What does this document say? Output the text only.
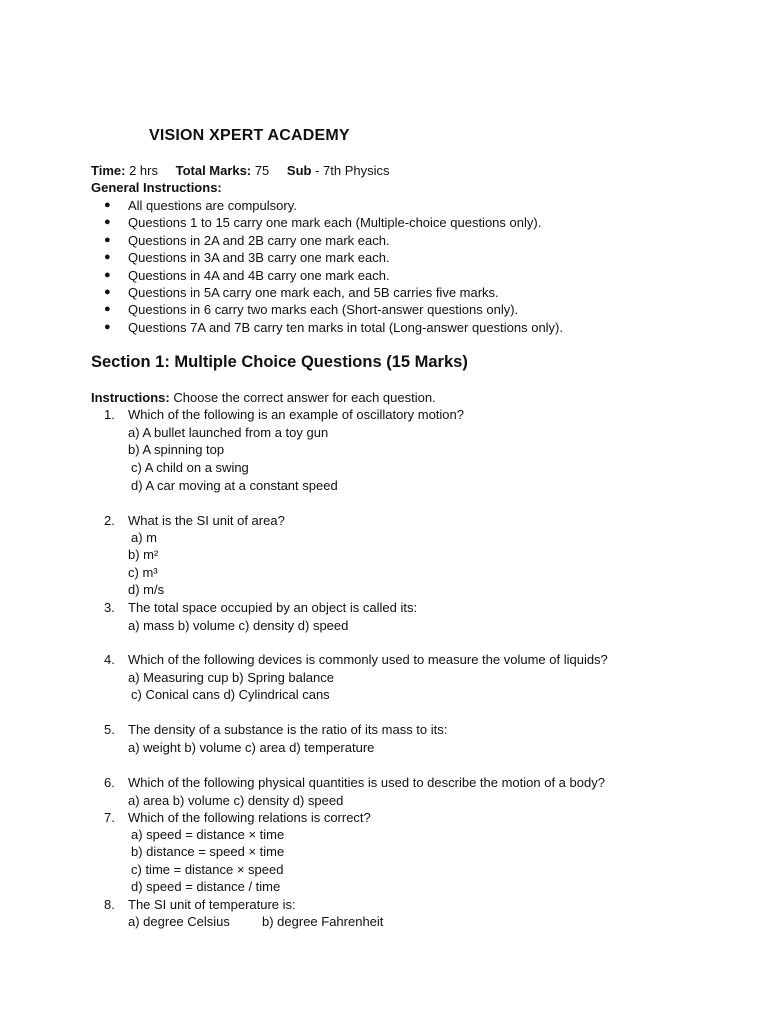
VISION XPERT ACADEMY
Time: 2 hrs Total Marks: 75 Sub - 7th Physics
General Instructions:
● All questions are compulsory.
● Questions 1 to 15 carry one mark each (Multiple-choice questions only).
● Questions in 2A and 2B carry one mark each.
● Questions in 3A and 3B carry one mark each.
● Questions in 4A and 4B carry one mark each.
● Questions in 5A carry one mark each, and 5B carries five marks.
● Questions in 6 carry two marks each (Short-answer questions only).
● Questions 7A and 7B carry ten marks in total (Long-answer questions only).
Section 1: Multiple Choice Questions (15 Marks)
Instructions: Choose the correct answer for each question.
1. Which of the following is an example of oscillatory motion?
a) A bullet launched from a toy gun
b) A spinning top
c) A child on a swing
d) A car moving at a constant speed
2. What is the SI unit of area?
a) m
b) m²
c) m³
d) m/s
3. The total space occupied by an object is called its:
a) mass b) volume c) density d) speed
4. Which of the following devices is commonly used to measure the volume of liquids?
a) Measuring cup b) Spring balance
c) Conical cans d) Cylindrical cans
5. The density of a substance is the ratio of its mass to its:
a) weight b) volume c) area d) temperature
6. Which of the following physical quantities is used to describe the motion of a body?
a) area b) volume c) density d) speed
7. Which of the following relations is correct?
a) speed = distance × time
b) distance = speed × time
c) time = distance × speed
d) speed = distance / time
8. The SI unit of temperature is:
a) degree Celsius b) degree Fahrenheit
